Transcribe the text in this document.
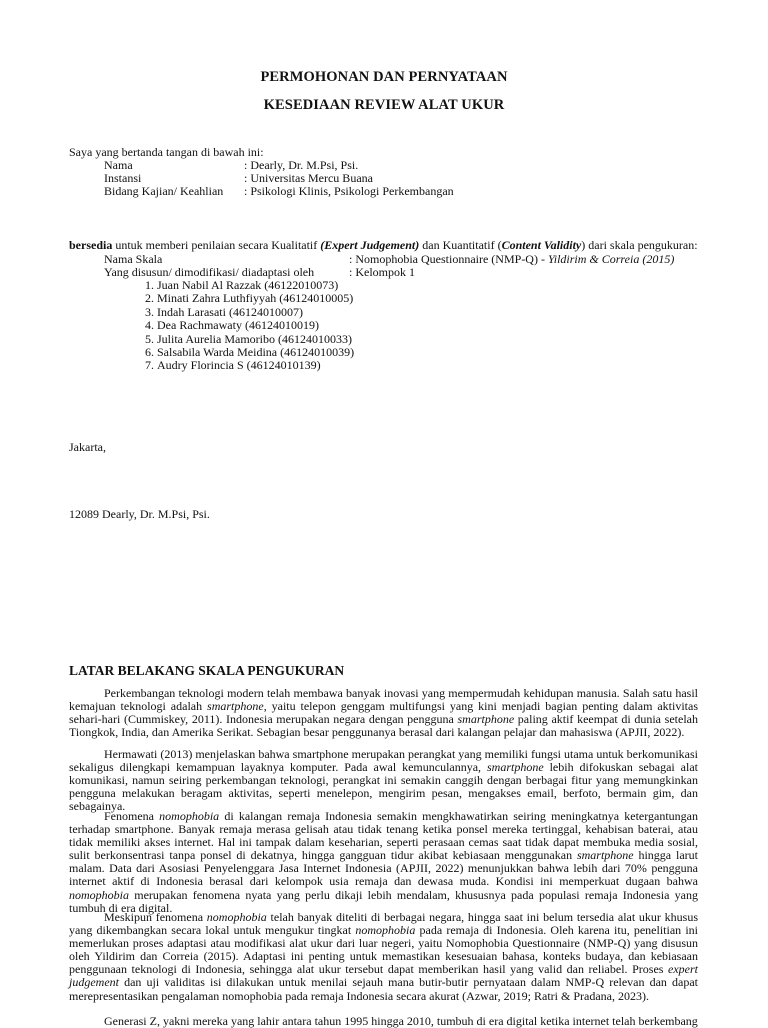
PERMOHONAN DAN PERNYATAAN
KESEDIAAN REVIEW ALAT UKUR
Saya yang bertanda tangan di bawah ini:
Nama	: Dearly, Dr. M.Psi, Psi.
Instansi	: Universitas Mercu Buana
Bidang Kajian/ Keahlian : Psikologi Klinis, Psikologi Perkembangan
bersedia untuk memberi penilaian secara Kualitatif (Expert Judgement) dan Kuantitatif (Content Validity) dari skala pengukuran:
Nama Skala	: Nomophobia Questionnaire (NMP-Q) - Yildirim & Correia (2015)
Yang disusun/ dimodifikasi/ diadaptasi oleh	: Kelompok 1
1. Juan Nabil Al Razzak (46122010073)
2. Minati Zahra Luthfiyyah (46124010005)
3. Indah Larasati (46124010007)
4. Dea Rachmawaty (46124010019)
5. Julita Aurelia Mamoribo (46124010033)
6. Salsabila Warda Meidina (46124010039)
7. Audry Florincia S (46124010139)
Jakarta,
12089 Dearly, Dr. M.Psi, Psi.
LATAR BELAKANG SKALA PENGUKURAN

Perkembangan teknologi modern telah membawa banyak inovasi yang mempermudah kehidupan manusia. Salah satu hasil kemajuan teknologi adalah smartphone, yaitu telepon genggam multifungsi yang kini menjadi bagian penting dalam aktivitas sehari-hari (Cummiskey, 2011). Indonesia merupakan negara dengan pengguna smartphone paling aktif keempat di dunia setelah Tiongkok, India, dan Amerika Serikat. Sebagian besar penggunanya berasal dari kalangan pelajar dan mahasiswa (APJII, 2022).

Hermawati (2013) menjelaskan bahwa smartphone merupakan perangkat yang memiliki fungsi utama untuk berkomunikasi sekaligus dilengkapi kemampuan layaknya komputer. Pada awal kemunculannya, smartphone lebih difokuskan sebagai alat komunikasi, namun seiring perkembangan teknologi, perangkat ini semakin canggih dengan berbagai fitur yang memungkinkan pengguna melakukan beragam aktivitas, seperti menelepon, mengirim pesan, mengakses email, berfoto, bermain gim, dan sebagainya.

Fenomena nomophobia di kalangan remaja Indonesia semakin mengkhawatirkan seiring meningkatnya ketergantungan terhadap smartphone. Banyak remaja merasa gelisah atau tidak tenang ketika ponsel mereka tertinggal, kehabisan baterai, atau tidak memiliki akses internet. Hal ini tampak dalam keseharian, seperti perasaan cemas saat tidak dapat membuka media sosial, sulit berkonsentrasi tanpa ponsel di dekatnya, hingga gangguan tidur akibat kebiasaan menggunakan smartphone hingga larut malam. Data dari Asosiasi Penyelenggara Jasa Internet Indonesia (APJII, 2022) menunjukkan bahwa lebih dari 70% pengguna internet aktif di Indonesia berasal dari kelompok usia remaja dan dewasa muda. Kondisi ini memperkuat dugaan bahwa nomophobia merupakan fenomena nyata yang perlu dikaji lebih mendalam, khususnya pada populasi remaja Indonesia yang tumbuh di era digital.

Meskipun fenomena nomophobia telah banyak diteliti di berbagai negara, hingga saat ini belum tersedia alat ukur khusus yang dikembangkan secara lokal untuk mengukur tingkat nomophobia pada remaja di Indonesia. Oleh karena itu, penelitian ini memerlukan proses adaptasi atau modifikasi alat ukur dari luar negeri, yaitu Nomophobia Questionnaire (NMP-Q) yang disusun oleh Yildirim dan Correia (2015). Adaptasi ini penting untuk memastikan kesesuaian bahasa, konteks budaya, dan kebiasaan penggunaan teknologi di Indonesia, sehingga alat ukur tersebut dapat memberikan hasil yang valid dan reliabel. Proses expert judgement dan uji validitas isi dilakukan untuk menilai sejauh mana butir-butir pernyataan dalam NMP-Q relevan dan dapat merepresentasikan pengalaman nomophobia pada remaja Indonesia secara akurat (Azwar, 2019; Ratri & Pradana, 2023).

Generasi Z, yakni mereka yang lahir antara tahun 1995 hingga 2010, tumbuh di era digital ketika internet telah berkembang
